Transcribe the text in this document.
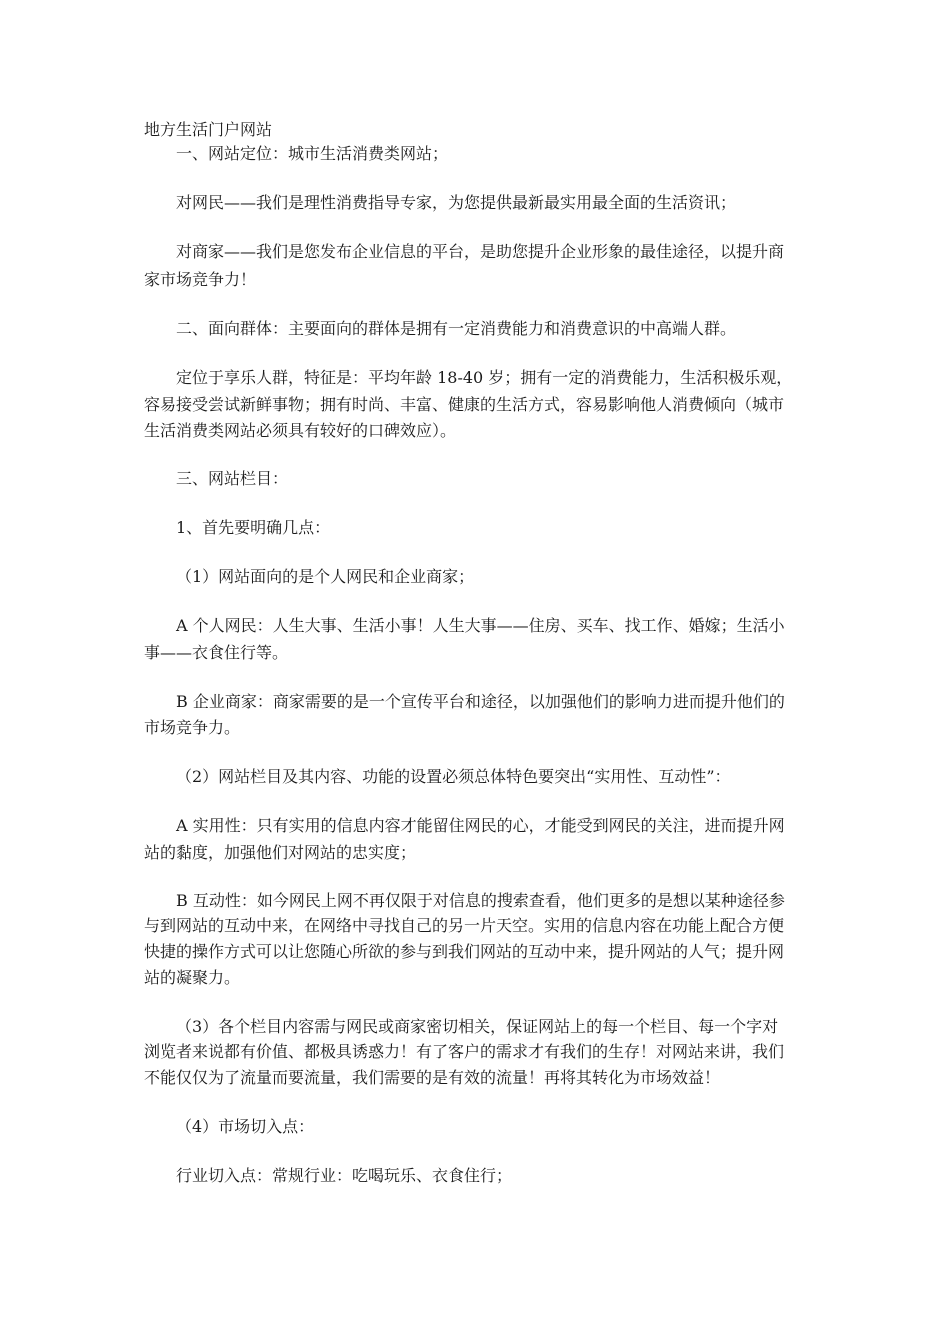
地方生活门户网站
一、网站定位：城市生活消费类网站；
对网民——我们是理性消费指导专家，为您提供最新最实用最全面的生活资讯；
对商家——我们是您发布企业信息的平台，是助您提升企业形象的最佳途径，以提升商
家市场竞争力！
二、面向群体：主要面向的群体是拥有一定消费能力和消费意识的中高端人群。
定位于享乐人群，特征是：平均年龄 18-40 岁；拥有一定的消费能力，生活积极乐观，
容易接受尝试新鲜事物；拥有时尚、丰富、健康的生活方式，容易影响他人消费倾向（城市
生活消费类网站必须具有较好的口碑效应）。
三、网站栏目：
1、首先要明确几点：
（1）网站面向的是个人网民和企业商家；
A 个人网民：人生大事、生活小事！人生大事——住房、买车、找工作、婚嫁；生活小
事——衣食住行等。
B 企业商家：商家需要的是一个宣传平台和途径，以加强他们的影响力进而提升他们的
市场竞争力。
（2）网站栏目及其内容、功能的设置必须总体特色要突出“实用性、互动性”：
A 实用性：只有实用的信息内容才能留住网民的心，才能受到网民的关注，进而提升网
站的黏度，加强他们对网站的忠实度；
B 互动性：如今网民上网不再仅限于对信息的搜索查看，他们更多的是想以某种途径参
与到网站的互动中来，在网络中寻找自己的另一片天空。实用的信息内容在功能上配合方便
快捷的操作方式可以让您随心所欲的参与到我们网站的互动中来，提升网站的人气；提升网
站的凝聚力。
（3）各个栏目内容需与网民或商家密切相关，保证网站上的每一个栏目、每一个字对
浏览者来说都有价值、都极具诱惑力！有了客户的需求才有我们的生存！对网站来讲，我们
不能仅仅为了流量而要流量，我们需要的是有效的流量！再将其转化为市场效益！
（4）市场切入点：
行业切入点：常规行业：吃喝玩乐、衣食住行；
